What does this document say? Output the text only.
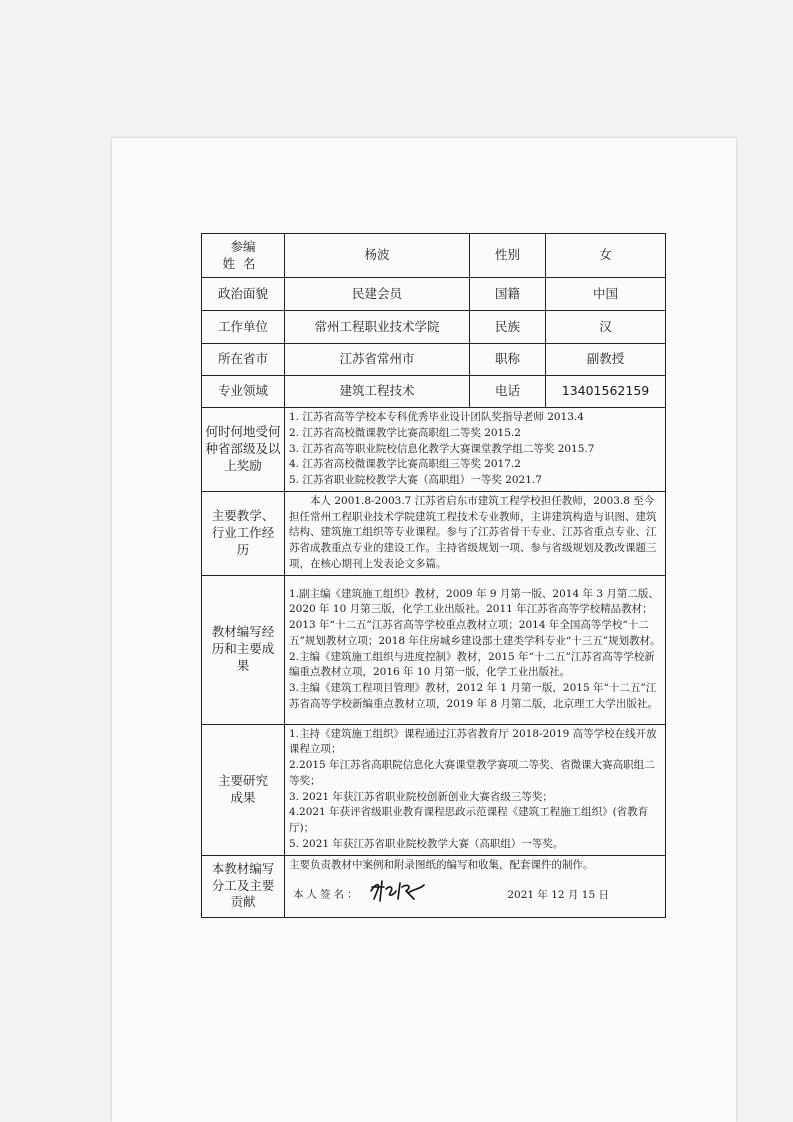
参编
姓名	杨波	性别	女
政治面貌	民建会员	国籍	中国
工作单位	常州工程职业技术学院	民族	汉
所在省市	江苏省常州市	职称	副教授
专业领域	建筑工程技术	电话	13401562159
何时何地受何种省部级及以上奖励	1. 江苏省高等学校本专科优秀毕业设计团队奖指导老师 2013.4
2. 江苏省高校微课教学比赛高职组二等奖 2015.2
3. 江苏省高等职业院校信息化教学大赛课堂教学组二等奖 2015.7
4. 江苏省高校微课教学比赛高职组三等奖 2017.2
5. 江苏省职业院校教学大赛（高职组）一等奖 2021.7		

主要教学、行业工作经历	本人 2001.8-2003.7 江苏省启东市建筑工程学校担任教师，2003.8 至今担任常州工程职业技术学院建筑工程技术专业教师，主讲建筑构造与识图、建筑结构、建筑施工组织等专业课程。参与了江苏省骨干专业、江苏省重点专业、江苏省成教重点专业的建设工作。主持省级规划一项、参与省级规划及教改课题三项，在核心期刊上发表论文多篇。		

教材编写经历和主要成果	1.副主编《建筑施工组织》教材，2009 年 9 月第一版、2014 年 3 月第二版、2020 年 10 月第三版，化学工业出版社。2011 年江苏省高等学校精品教材；2013 年“十二五”江苏省高等学校重点教材立项；2014 年全国高等学校“十二五”规划教材立项；2018 年住房城乡建设部土建类学科专业“十三五”规划教材。
2.主编《建筑施工组织与进度控制》教材，2015 年“十二五”江苏省高等学校新编重点教材立项，2016 年 10 月第一版，化学工业出版社。
3.主编《建筑工程项目管理》教材，2012 年 1 月第一版，2015 年“十二五”江苏省高等学校新编重点教材立项，2019 年 8 月第二版，北京理工大学出版社。		

主要研究成果	1.主持《建筑施工组织》课程通过江苏省教育厅 2018-2019 高等学校在线开放课程立项；
2.2015 年江苏省高职院信息化大赛课堂教学赛项二等奖、省微课大赛高职组二等奖；
3. 2021 年获江苏省职业院校创新创业大赛省级三等奖；
4.2021 年获评省级职业教育课程思政示范课程《建筑工程施工组织》(省教育厅)；
5. 2021 年获江苏省职业院校教学大赛（高职组）一等奖。		

本教材编写分工及主要贡献	主要负责教材中案例和附录图纸的编写和收集，配套课件的制作。
本人签名： 2021 年 12 月 15 日		
